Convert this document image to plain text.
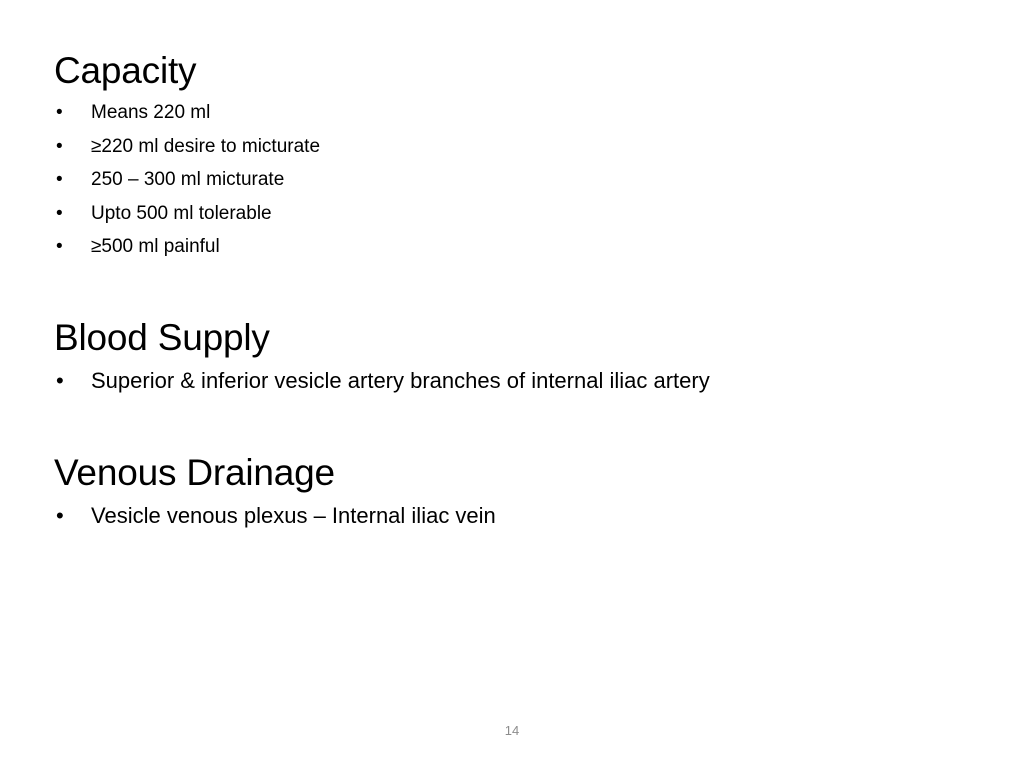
Capacity
• Means 220 ml
• ≥220 ml desire to micturate
• 250 – 300 ml micturate
• Upto 500 ml tolerable
• ≥500 ml painful
Blood Supply
• Superior & inferior vesicle artery branches of internal iliac artery
Venous Drainage
• Vesicle venous plexus – Internal iliac vein
14
